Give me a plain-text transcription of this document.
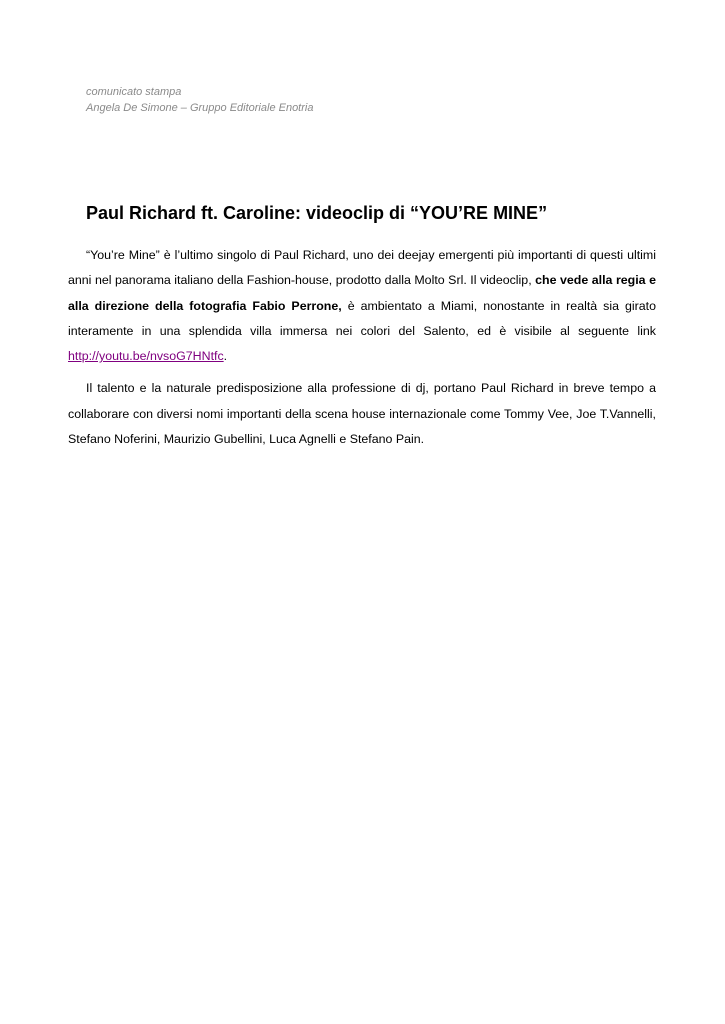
comunicato stampa
Angela De Simone – Gruppo Editoriale Enotria
Paul Richard ft. Caroline: videoclip di “YOU’RE MINE”

“You’re Mine” è l’ultimo singolo di Paul Richard, uno dei deejay emergenti più importanti di questi ultimi anni nel panorama italiano della Fashion-house, prodotto dalla Molto Srl. Il videoclip, che vede alla regia e alla direzione della fotografia Fabio Perrone, è ambientato a Miami, nonostante in realtà sia girato interamente in una splendida villa immersa nei colori del Salento, ed è visibile al seguente link http://youtu.be/nvsoG7HNtfc.

Il talento e la naturale predisposizione alla professione di dj, portano Paul Richard in breve tempo a collaborare con diversi nomi importanti della scena house internazionale come Tommy Vee, Joe T.Vannelli, Stefano Noferini, Maurizio Gubellini, Luca Agnelli e Stefano Pain.
